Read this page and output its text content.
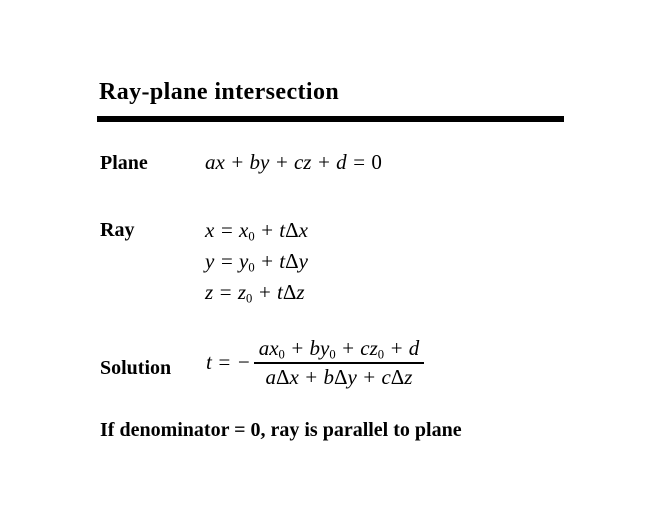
Ray-plane intersection
Plane	ax + by + cz + d = 0
Ray	$x = x_0 + t\Delta x$
$y = y_0 + t\Delta y$
$z = z_0 + t\Delta z$
Solution t = − $\frac{ax_0 + by_0 + cz_0 + d}{\text{aΔx + bΔy + cΔz}}$
If denominator = 0, ray is parallel to plane
